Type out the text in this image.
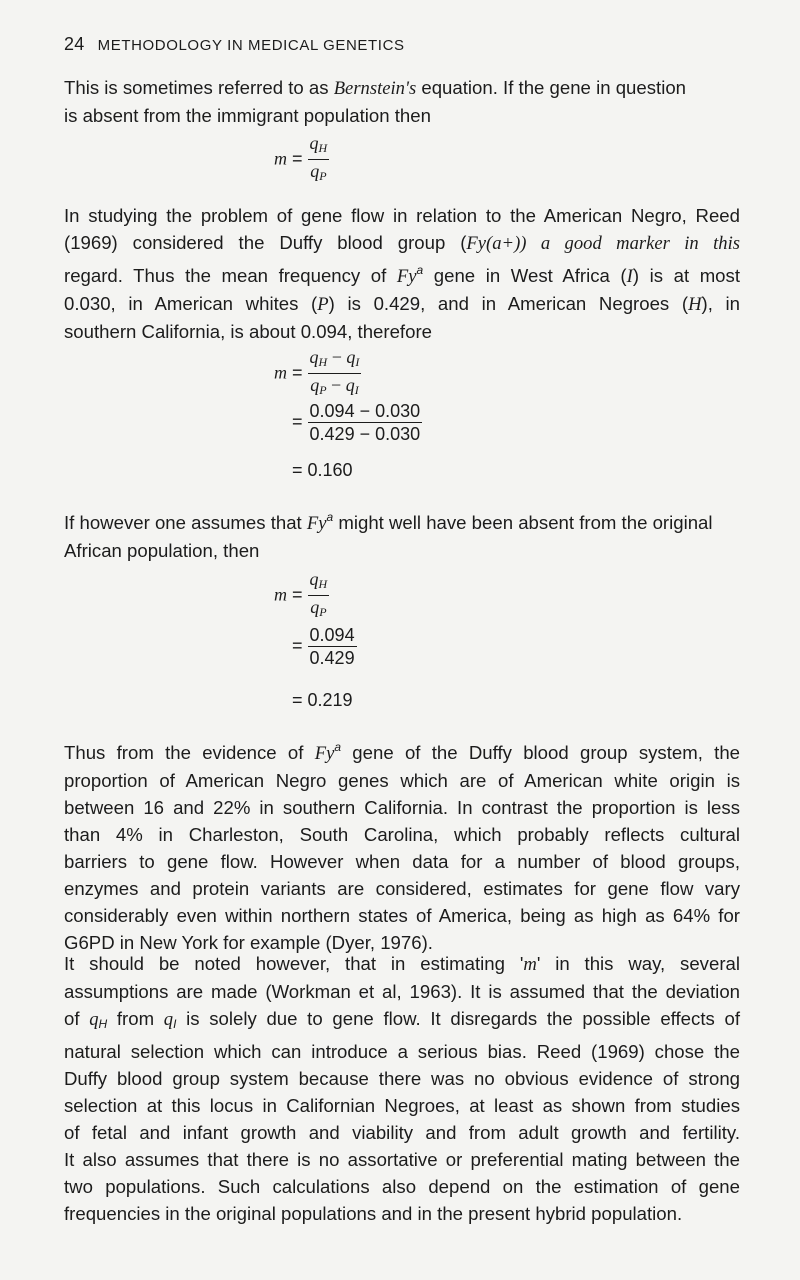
24 METHODOLOGY IN MEDICAL GENETICS
This is sometimes referred to as Bernstein's equation. If the gene in question
is absent from the immigrant population then
$m = \frac{q_H}{q_P}$
In studying the problem of gene flow in relation to the American Negro, Reed
(1969) considered the Duffy blood group (Fy(a+)) a good marker in this
regard. Thus the mean frequency of Fy$^a$ gene in West Africa (I) is at most
0.030, in American whites (P) is 0.429, and in American Negroes (H), in
southern California, is about 0.094, therefore
$m = \frac{q_H - q_I}{q_P - q_I}$
= $\frac{0.094 - 0.030}{0.429 - 0.030}$
= 0.160
If however one assumes that Fy$^a$ might well have been absent from the original
African population, then
$m = \frac{q_H}{q_P}$
= $\frac{0.094}{0.429}$
= 0.219
Thus from the evidence of Fy$^a$ gene of the Duffy blood group system, the
proportion of American Negro genes which are of American white origin is
between 16 and 22% in southern California. In contrast the proportion is less
than 4% in Charleston, South Carolina, which probably reflects cultural
barriers to gene flow. However when data for a number of blood groups,
enzymes and protein variants are considered, estimates for gene flow vary
considerably even within northern states of America, being as high as 64% for
G6PD in New York for example (Dyer, 1976).
It should be noted however, that in estimating 'm' in this way, several
assumptions are made (Workman et al, 1963). It is assumed that the deviation
of $q_H$ from $q_I$ is solely due to gene flow. It disregards the possible effects of
natural selection which can introduce a serious bias. Reed (1969) chose the
Duffy blood group system because there was no obvious evidence of strong
selection at this locus in Californian Negroes, at least as shown from studies
of fetal and infant growth and viability and from adult growth and fertility.
It also assumes that there is no assortative or preferential mating between the
two populations. Such calculations also depend on the estimation of gene
frequencies in the original populations and in the present hybrid population.
